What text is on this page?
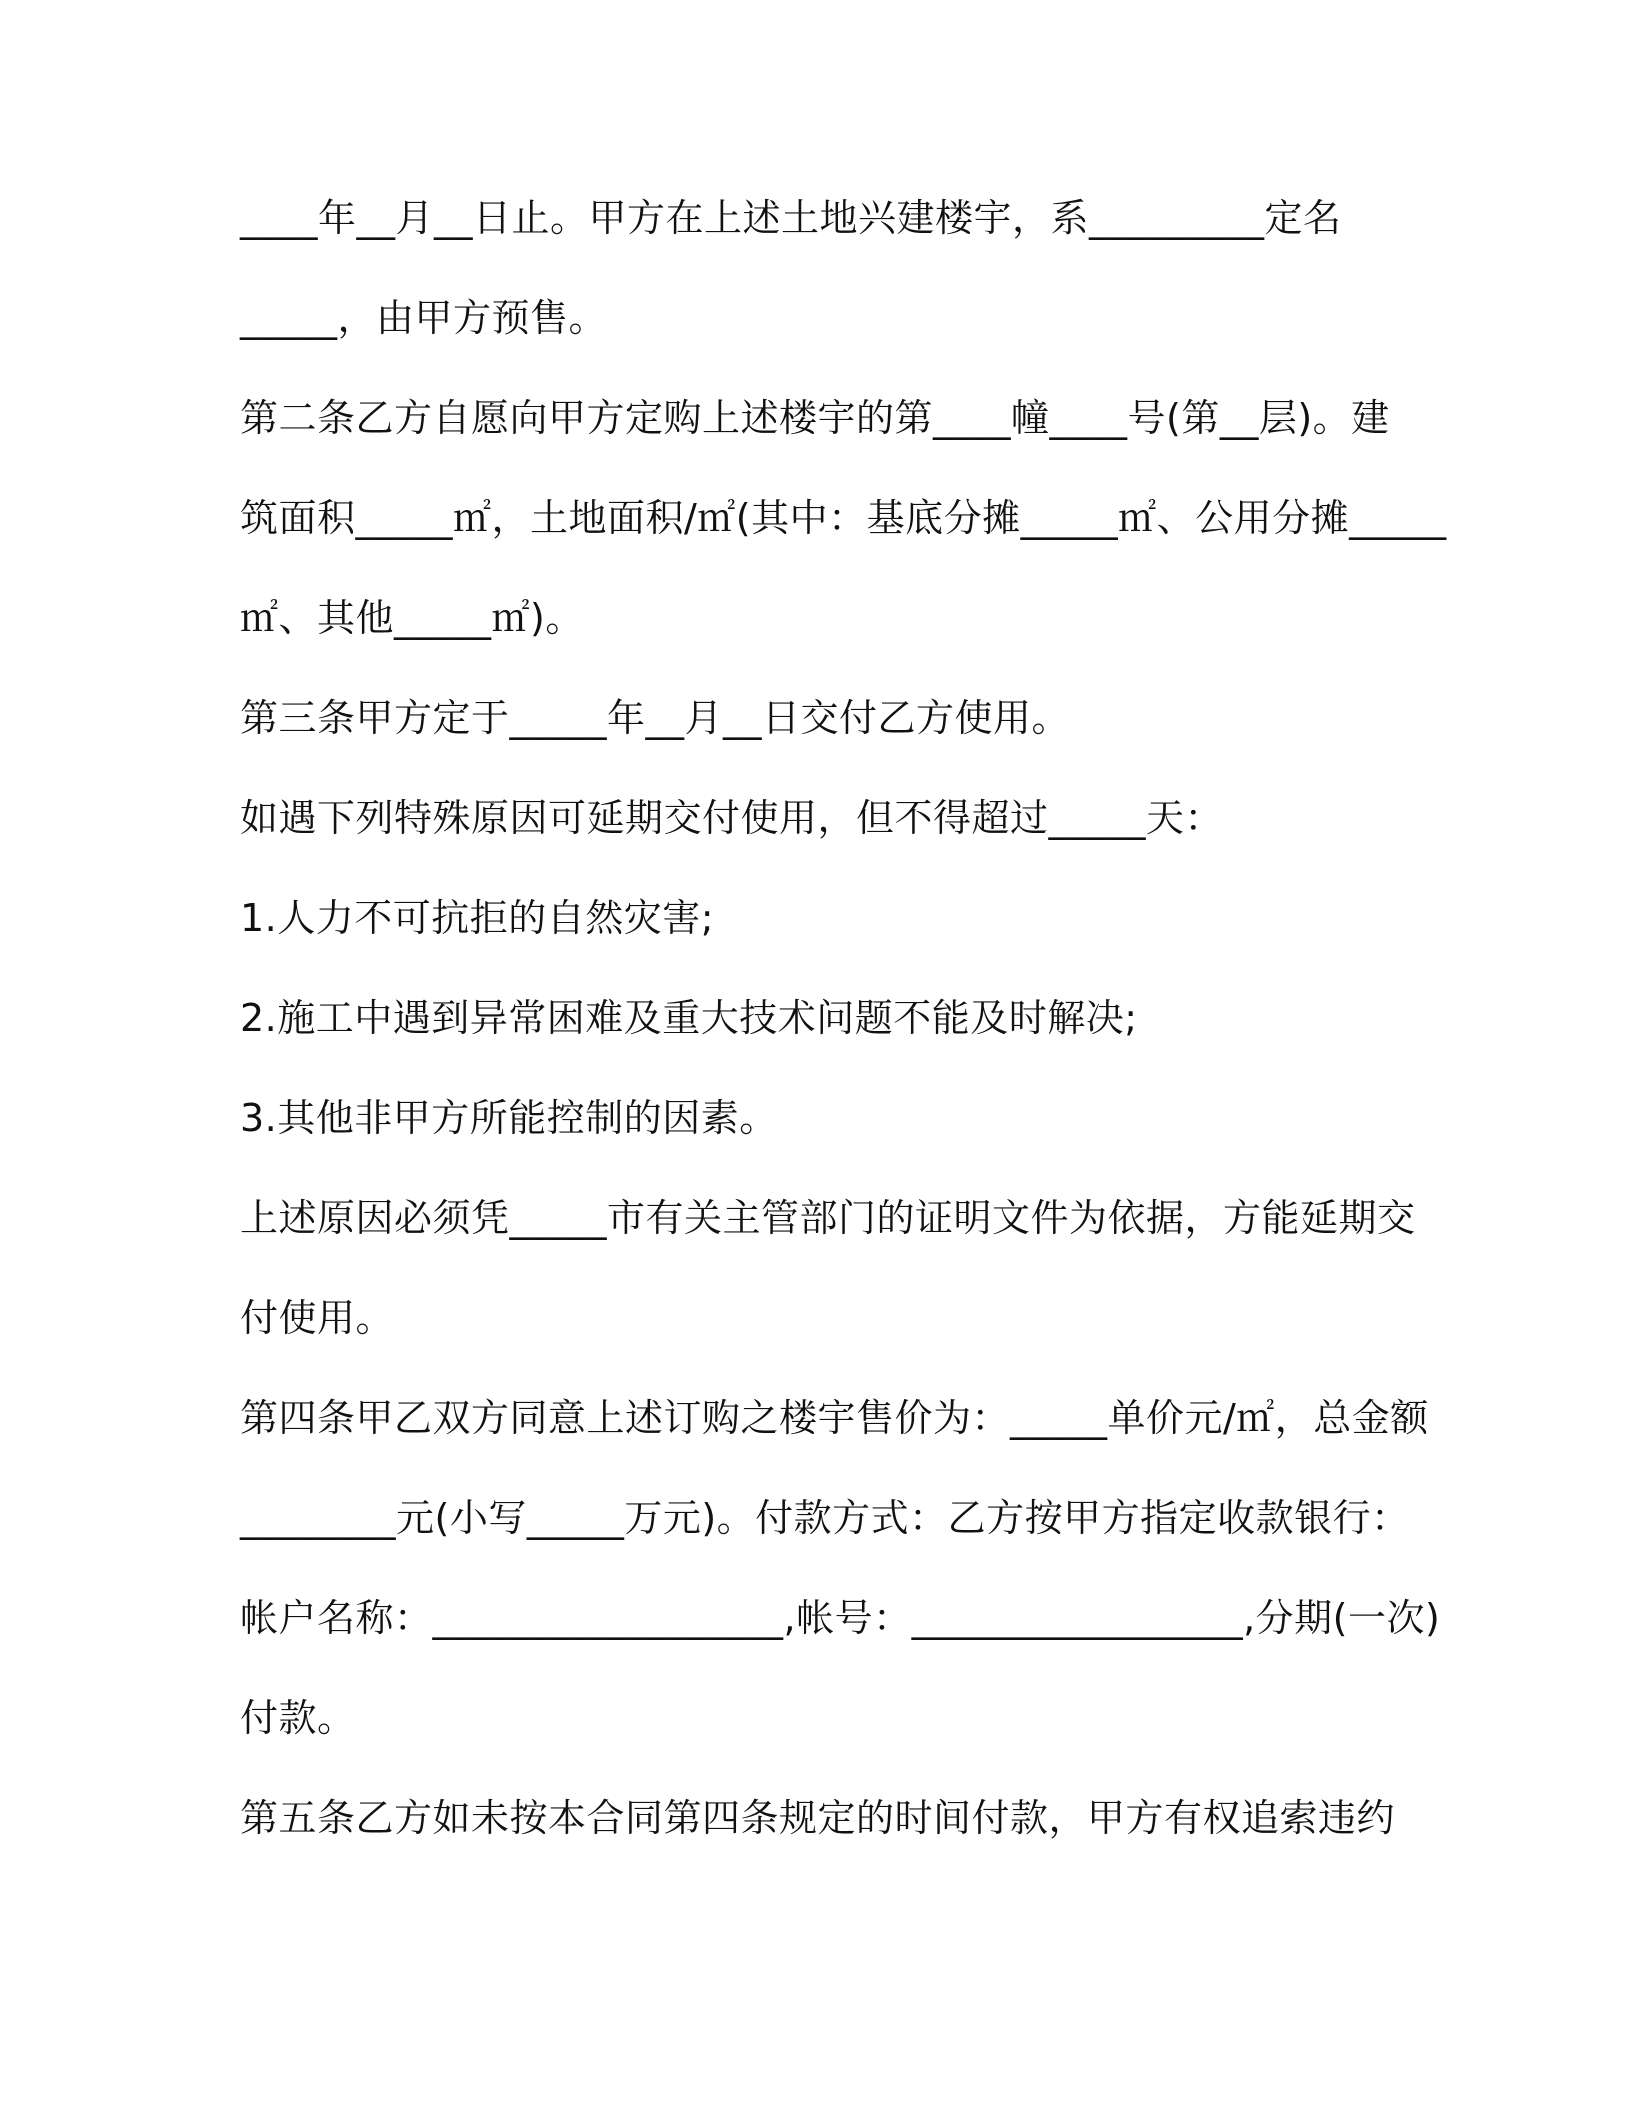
____年__月__日止。甲方在上述土地兴建楼宇，系_________定名
_____，由甲方预售。
第二条乙方自愿向甲方定购上述楼宇的第____幢____号(第__层)。建
筑面积_____㎡，土地面积/㎡(其中：基底分摊_____㎡、公用分摊_____
㎡、其他_____㎡)。
第三条甲方定于_____年__月__日交付乙方使用。
如遇下列特殊原因可延期交付使用，但不得超过_____天：
1.人力不可抗拒的自然灾害;
2.施工中遇到异常困难及重大技术问题不能及时解决;
3.其他非甲方所能控制的因素。
上述原因必须凭_____市有关主管部门的证明文件为依据，方能延期交
付使用。
第四条甲乙双方同意上述订购之楼宇售价为：_____单价元/㎡，总金额
________元(小写_____万元)。付款方式：乙方按甲方指定收款银行：
帐户名称：__________________,帐号：_________________,分期(一次)
付款。
第五条乙方如未按本合同第四条规定的时间付款，甲方有权追索违约
